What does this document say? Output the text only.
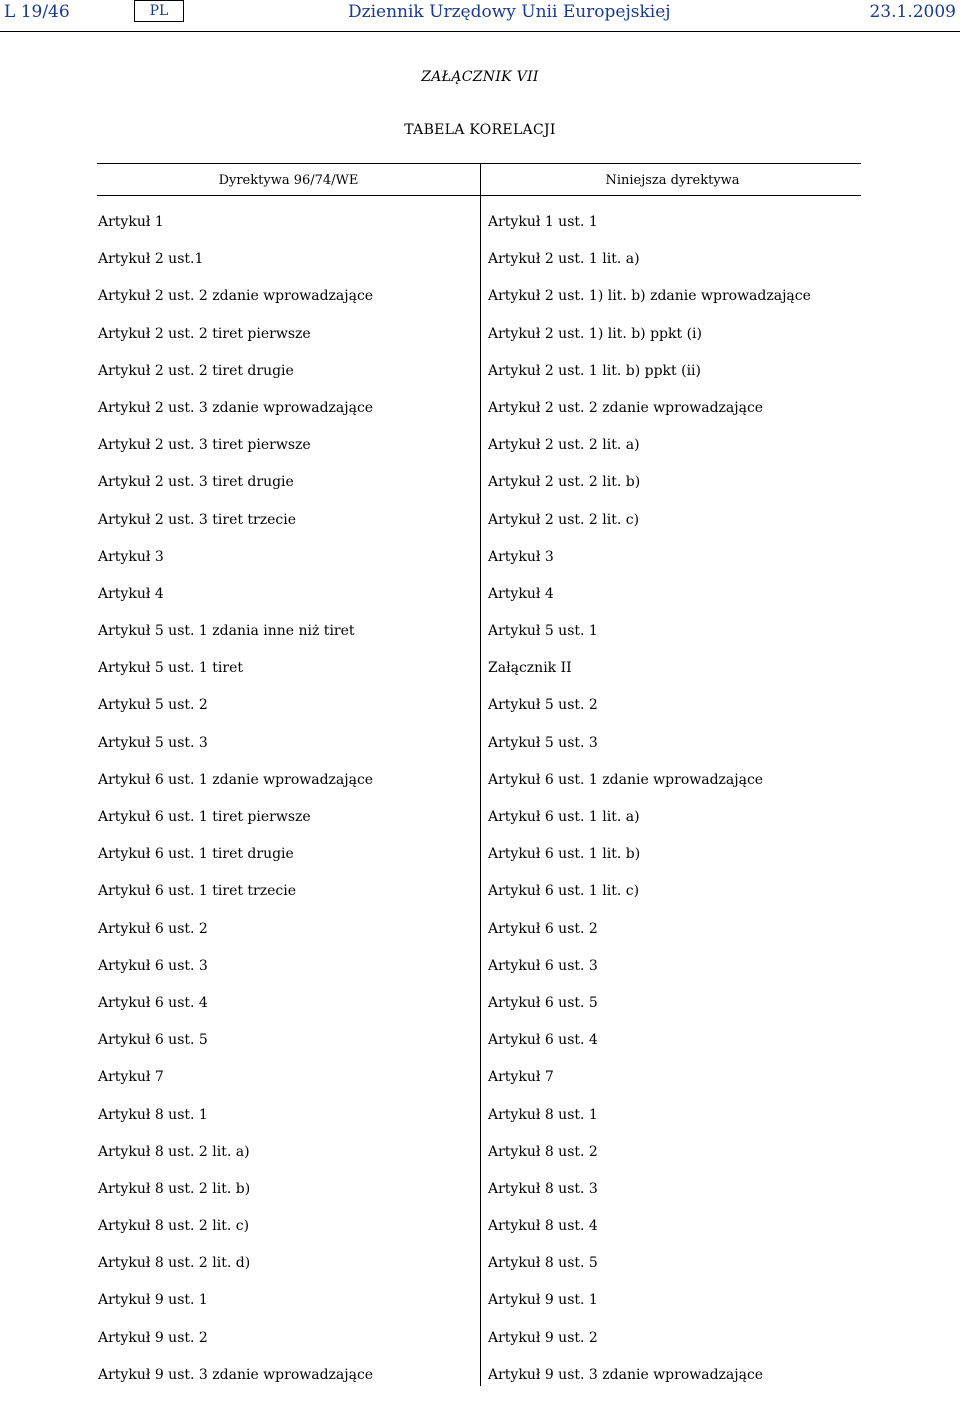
L 19/46	PL	Dziennik Urzędowy Unii Europejskiej	23.1.2009
ZAŁĄCZNIK VII
TABELA KORELACJI
Dyrektywa 96/74/WE	Niniejsza dyrektywa
Artykuł 1	Artykuł 1 ust. 1
Artykuł 2 ust.1	Artykuł 2 ust. 1 lit. a)
Artykuł 2 ust. 2 zdanie wprowadzające	Artykuł 2 ust. 1) lit. b) zdanie wprowadzające
Artykuł 2 ust. 2 tiret pierwsze	Artykuł 2 ust. 1) lit. b) ppkt (i)
Artykuł 2 ust. 2 tiret drugie	Artykuł 2 ust. 1 lit. b) ppkt (ii)
Artykuł 2 ust. 3 zdanie wprowadzające	Artykuł 2 ust. 2 zdanie wprowadzające
Artykuł 2 ust. 3 tiret pierwsze	Artykuł 2 ust. 2 lit. a)
Artykuł 2 ust. 3 tiret drugie	Artykuł 2 ust. 2 lit. b)
Artykuł 2 ust. 3 tiret trzecie	Artykuł 2 ust. 2 lit. c)
Artykuł 3	Artykuł 3
Artykuł 4	Artykuł 4
Artykuł 5 ust. 1 zdania inne niż tiret	Artykuł 5 ust. 1
Artykuł 5 ust. 1 tiret	Załącznik II
Artykuł 5 ust. 2	Artykuł 5 ust. 2
Artykuł 5 ust. 3	Artykuł 5 ust. 3
Artykuł 6 ust. 1 zdanie wprowadzające	Artykuł 6 ust. 1 zdanie wprowadzające
Artykuł 6 ust. 1 tiret pierwsze	Artykuł 6 ust. 1 lit. a)
Artykuł 6 ust. 1 tiret drugie	Artykuł 6 ust. 1 lit. b)
Artykuł 6 ust. 1 tiret trzecie	Artykuł 6 ust. 1 lit. c)
Artykuł 6 ust. 2	Artykuł 6 ust. 2
Artykuł 6 ust. 3	Artykuł 6 ust. 3
Artykuł 6 ust. 4	Artykuł 6 ust. 5
Artykuł 6 ust. 5	Artykuł 6 ust. 4
Artykuł 7	Artykuł 7
Artykuł 8 ust. 1	Artykuł 8 ust. 1
Artykuł 8 ust. 2 lit. a)	Artykuł 8 ust. 2
Artykuł 8 ust. 2 lit. b)	Artykuł 8 ust. 3
Artykuł 8 ust. 2 lit. c)	Artykuł 8 ust. 4
Artykuł 8 ust. 2 lit. d)	Artykuł 8 ust. 5
Artykuł 9 ust. 1	Artykuł 9 ust. 1
Artykuł 9 ust. 2	Artykuł 9 ust. 2
Artykuł 9 ust. 3 zdanie wprowadzające	Artykuł 9 ust. 3 zdanie wprowadzające
